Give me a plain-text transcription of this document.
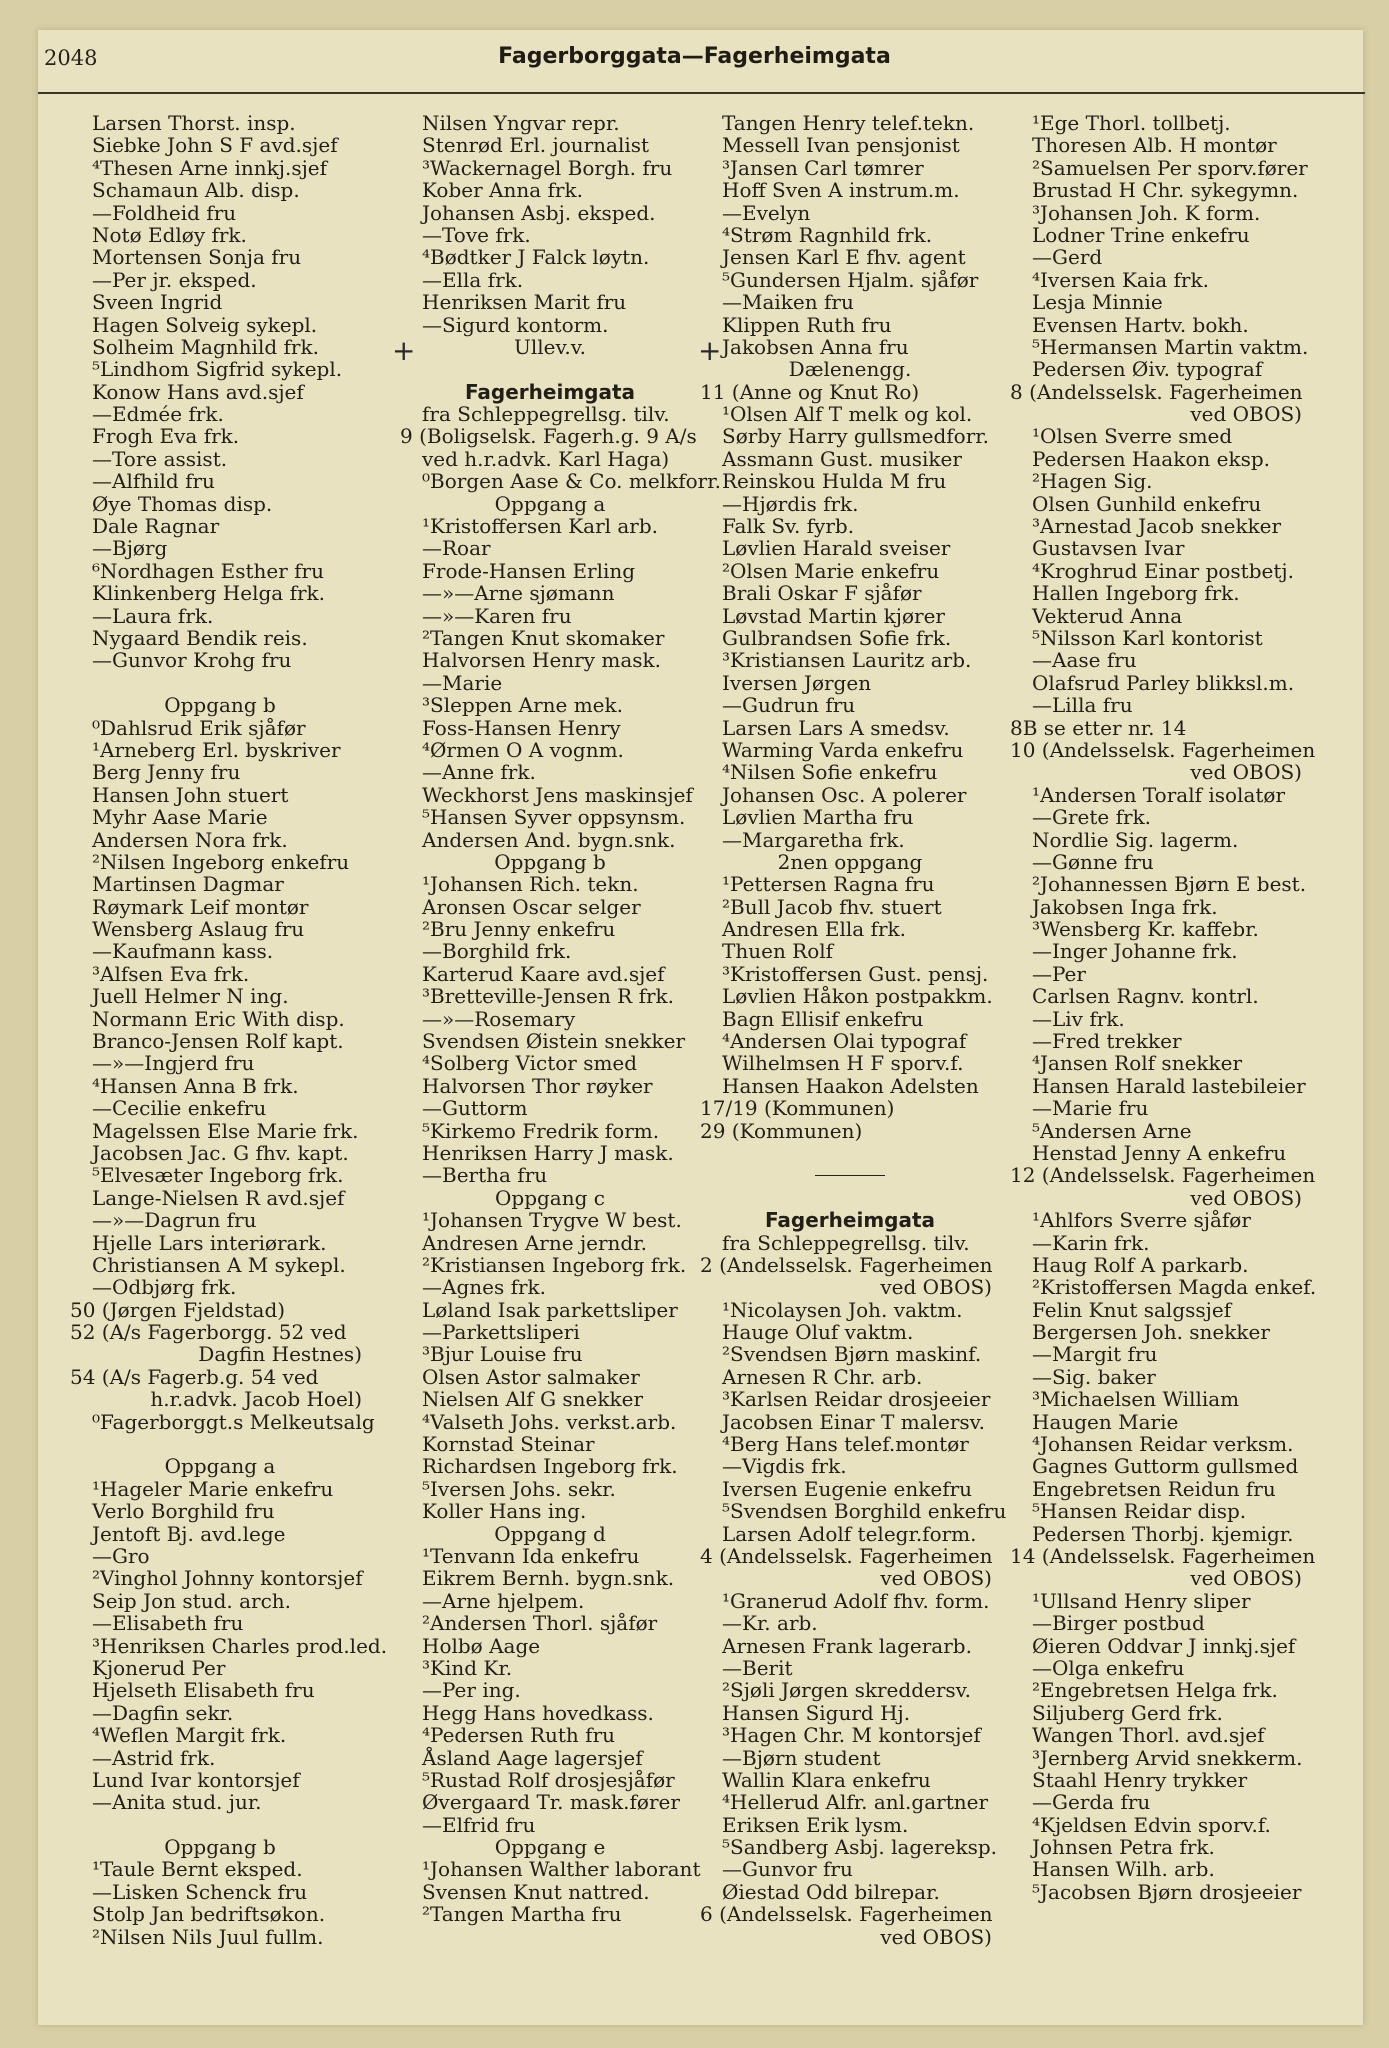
2048	Fagerborggata—Fagerheimgata
Larsen Thorst. insp.
Siebke John S F avd.sjef
⁴Thesen Arne innkj.sjef
Schamaun Alb. disp.
—Foldheid fru
Notø Edløy frk.
Mortensen Sonja fru
—Per jr. eksped.
Sveen Ingrid
Hagen Solveig sykepl.
Solheim Magnhild frk.
⁵Lindhom Sigfrid sykepl.
Konow Hans avd.sjef
—Edmée frk.
Frogh Eva frk.
—Tore assist.
—Alfhild fru
Øye Thomas disp.
Dale Ragnar
—Bjørg
⁶Nordhagen Esther fru
Klinkenberg Helga frk.
—Laura frk.
Nygaard Bendik reis.
—Gunvor Krohg fru
Oppgang b
⁰Dahlsrud Erik sjåfør
¹Arneberg Erl. byskriver
Berg Jenny fru
Hansen John stuert
Myhr Aase Marie
Andersen Nora frk.
²Nilsen Ingeborg enkefru
Martinsen Dagmar
Røymark Leif montør
Wensberg Aslaug fru
—Kaufmann kass.
³Alfsen Eva frk.
Juell Helmer N ing.
Normann Eric With disp.
Branco-Jensen Rolf kapt.
—»—Ingjerd fru
⁴Hansen Anna B frk.
—Cecilie enkefru
Magelssen Else Marie frk.
Jacobsen Jac. G fhv. kapt.
⁵Elvesæter Ingeborg frk.
Lange-Nielsen R avd.sjef
—»—Dagrun fru
Hjelle Lars interiørark.
Christiansen A M sykepl.
—Odbjørg frk.
50 (Jørgen Fjeldstad)
52 (A/s Fagerborgg. 52 ved
Dagfin Hestnes)
54 (A/s Fagerb.g. 54 ved
h.r.advk. Jacob Hoel)
⁰Fagerborggt.s Melkeutsalg
Oppgang a
¹Hageler Marie enkefru
Verlo Borghild fru
Jentoft Bj. avd.lege
—Gro
²Vinghol Johnny kontorsjef
Seip Jon stud. arch.
—Elisabeth fru
³Henriksen Charles prod.led.
Kjonerud Per
Hjelseth Elisabeth fru
—Dagfin sekr.
⁴Weflen Margit frk.
—Astrid frk.
Lund Ivar kontorsjef
—Anita stud. jur.
Oppgang b
¹Taule Bernt eksped.
—Lisken Schenck fru
Stolp Jan bedriftsøkon.
²Nilsen Nils Juul fullm.
Nilsen Yngvar repr.
Stenrød Erl. journalist
³Wackernagel Borgh. fru
Kober Anna frk.
Johansen Asbj. eksped.
—Tove frk.
⁴Bødtker J Falck løytn.
—Ella frk.
Henriksen Marit fru
—Sigurd kontorm.
Ullev.v.
Fagerheimgata
fra Schleppegrellsg. tilv.
9 (Boligselsk. Fagerh.g. 9 A/s
ved h.r.advk. Karl Haga)
⁰Borgen Aase & Co. melkforr.
Oppgang a
¹Kristoffersen Karl arb.
—Roar
Frode-Hansen Erling
—»—Arne sjømann
—»—Karen fru
²Tangen Knut skomaker
Halvorsen Henry mask.
—Marie
³Sleppen Arne mek.
Foss-Hansen Henry
⁴Ørmen O A vognm.
—Anne frk.
Weckhorst Jens maskinsjef
⁵Hansen Syver oppsynsm.
Andersen And. bygn.snk.
Oppgang b
¹Johansen Rich. tekn.
Aronsen Oscar selger
²Bru Jenny enkefru
—Borghild frk.
Karterud Kaare avd.sjef
³Bretteville-Jensen R frk.
—»—Rosemary
Svendsen Øistein snekker
⁴Solberg Victor smed
Halvorsen Thor røyker
—Guttorm
⁵Kirkemo Fredrik form.
Henriksen Harry J mask.
—Bertha fru
Oppgang c
¹Johansen Trygve W best.
Andresen Arne jerndr.
²Kristiansen Ingeborg frk.
—Agnes frk.
Løland Isak parkettsliper
—Parkettsliperi
³Bjur Louise fru
Olsen Astor salmaker
Nielsen Alf G snekker
⁴Valseth Johs. verkst.arb.
Kornstad Steinar
Richardsen Ingeborg frk.
⁵Iversen Johs. sekr.
Koller Hans ing.
Oppgang d
¹Tenvann Ida enkefru
Eikrem Bernh. bygn.snk.
—Arne hjelpem.
²Andersen Thorl. sjåfør
Holbø Aage
³Kind Kr.
—Per ing.
Hegg Hans hovedkass.
⁴Pedersen Ruth fru
Åsland Aage lagersjef
⁵Rustad Rolf drosjesjåfør
Øvergaard Tr. mask.fører
—Elfrid fru
Oppgang e
¹Johansen Walther laborant
Svensen Knut nattred.
²Tangen Martha fru
Tangen Henry telef.tekn.
Messell Ivan pensjonist
³Jansen Carl tømrer
Hoff Sven A instrum.m.
—Evelyn
⁴Strøm Ragnhild frk.
Jensen Karl E fhv. agent
⁵Gundersen Hjalm. sjåfør
—Maiken fru
Klippen Ruth fru
Jakobsen Anna fru
Dælenengg.
11 (Anne og Knut Ro)
¹Olsen Alf T melk og kol.
Sørby Harry gullsmedforr.
Assmann Gust. musiker
Reinskou Hulda M fru
—Hjørdis frk.
Falk Sv. fyrb.
Løvlien Harald sveiser
²Olsen Marie enkefru
Brali Oskar F sjåfør
Løvstad Martin kjører
Gulbrandsen Sofie frk.
³Kristiansen Lauritz arb.
Iversen Jørgen
—Gudrun fru
Larsen Lars A smedsv.
Warming Varda enkefru
⁴Nilsen Sofie enkefru
Johansen Osc. A polerer
Løvlien Martha fru
—Margaretha frk.
2nen oppgang
¹Pettersen Ragna fru
²Bull Jacob fhv. stuert
Andresen Ella frk.
Thuen Rolf
³Kristoffersen Gust. pensj.
Løvlien Håkon postpakkm.
Bagn Ellisif enkefru
⁴Andersen Olai typograf
Wilhelmsen H F sporv.f.
Hansen Haakon Adelsten
17/19 (Kommunen)
29 (Kommunen)
Fagerheimgata
fra Schleppegrellsg. tilv.
2 (Andelsselsk. Fagerheimen
ved OBOS)
¹Nicolaysen Joh. vaktm.
Hauge Oluf vaktm.
²Svendsen Bjørn maskinf.
Arnesen R Chr. arb.
³Karlsen Reidar drosjeeier
Jacobsen Einar T malersv.
⁴Berg Hans telef.montør
—Vigdis frk.
Iversen Eugenie enkefru
⁵Svendsen Borghild enkefru
Larsen Adolf telegr.form.
4 (Andelsselsk. Fagerheimen
ved OBOS)
¹Granerud Adolf fhv. form.
—Kr. arb.
Arnesen Frank lagerarb.
—Berit
²Sjøli Jørgen skreddersv.
Hansen Sigurd Hj.
³Hagen Chr. M kontorsjef
—Bjørn student
Wallin Klara enkefru
⁴Hellerud Alfr. anl.gartner
Eriksen Erik lysm.
⁵Sandberg Asbj. lagereksp.
—Gunvor fru
Øiestad Odd bilrepar.
6 (Andelsselsk. Fagerheimen
ved OBOS)
¹Ege Thorl. tollbetj.
Thoresen Alb. H montør
²Samuelsen Per sporv.fører
Brustad H Chr. sykegymn.
³Johansen Joh. K form.
Lodner Trine enkefru
—Gerd
⁴Iversen Kaia frk.
Lesja Minnie
Evensen Hartv. bokh.
⁵Hermansen Martin vaktm.
Pedersen Øiv. typograf
8 (Andelsselsk. Fagerheimen
ved OBOS)
¹Olsen Sverre smed
Pedersen Haakon eksp.
²Hagen Sig.
Olsen Gunhild enkefru
³Arnestad Jacob snekker
Gustavsen Ivar
⁴Kroghrud Einar postbetj.
Hallen Ingeborg frk.
Vekterud Anna
⁵Nilsson Karl kontorist
—Aase fru
Olafsrud Parley blikksl.m.
—Lilla fru
8B se etter nr. 14
10 (Andelsselsk. Fagerheimen
ved OBOS)
¹Andersen Toralf isolatør
—Grete frk.
Nordlie Sig. lagerm.
—Gønne fru
²Johannessen Bjørn E best.
Jakobsen Inga frk.
³Wensberg Kr. kaffebr.
—Inger Johanne frk.
—Per
Carlsen Ragnv. kontrl.
—Liv frk.
—Fred trekker
⁴Jansen Rolf snekker
Hansen Harald lastebileier
—Marie fru
⁵Andersen Arne
Henstad Jenny A enkefru
12 (Andelsselsk. Fagerheimen
ved OBOS)
¹Ahlfors Sverre sjåfør
—Karin frk.
Haug Rolf A parkarb.
²Kristoffersen Magda enkef.
Felin Knut salgssjef
Bergersen Joh. snekker
—Margit fru
—Sig. baker
³Michaelsen William
Haugen Marie
⁴Johansen Reidar verksm.
Gagnes Guttorm gullsmed
Engebretsen Reidun fru
⁵Hansen Reidar disp.
Pedersen Thorbj. kjemigr.
14 (Andelsselsk. Fagerheimen
ved OBOS)
¹Ullsand Henry sliper
—Birger postbud
Øieren Oddvar J innkj.sjef
—Olga enkefru
²Engebretsen Helga frk.
Siljuberg Gerd frk.
Wangen Thorl. avd.sjef
³Jernberg Arvid snekkerm.
Staahl Henry trykker
—Gerda fru
⁴Kjeldsen Edvin sporv.f.
Johnsen Petra frk.
Hansen Wilh. arb.
⁵Jacobsen Bjørn drosjeeier
+	+
